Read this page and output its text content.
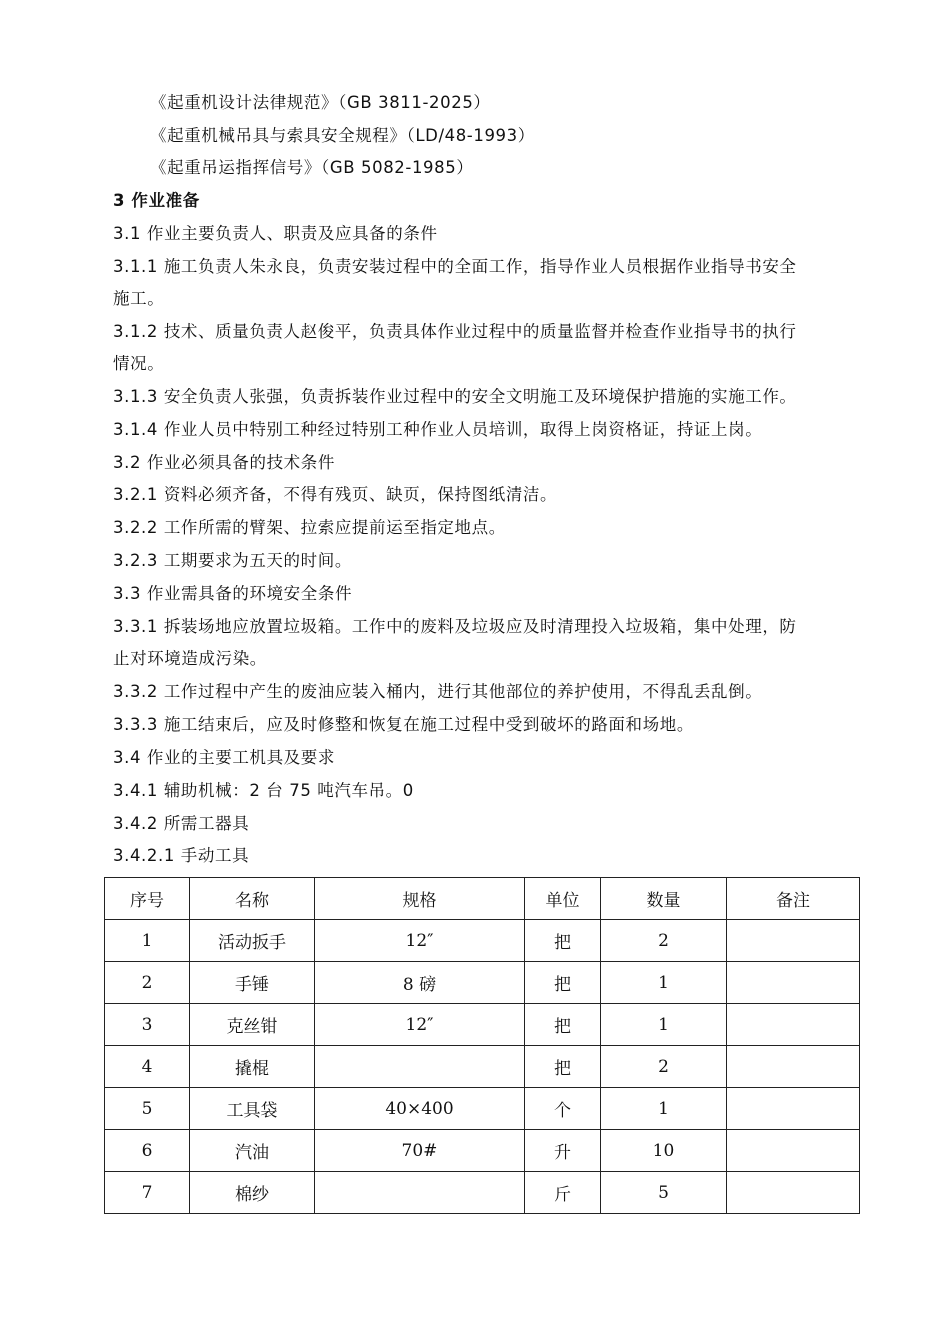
《起重机设计法律规范》（GB 3811-2025）
《起重机械吊具与索具安全规程》（LD/48-1993）
《起重吊运指挥信号》（GB 5082-1985）
3 作业准备
3.1 作业主要负责人、职责及应具备的条件
3.1.1 施工负责人朱永良，负责安装过程中的全面工作，指导作业人员根据作业指导书安全
施工。
3.1.2 技术、质量负责人赵俊平，负责具体作业过程中的质量监督并检查作业指导书的执行
情况。
3.1.3 安全负责人张强，负责拆装作业过程中的安全文明施工及环境保护措施的实施工作。
3.1.4 作业人员中特别工种经过特别工种作业人员培训，取得上岗资格证，持证上岗。
3.2 作业必须具备的技术条件
3.2.1 资料必须齐备，不得有残页、缺页，保持图纸清洁。
3.2.2 工作所需的臂架、拉索应提前运至指定地点。
3.2.3 工期要求为五天的时间。
3.3 作业需具备的环境安全条件
3.3.1 拆装场地应放置垃圾箱。工作中的废料及垃圾应及时清理投入垃圾箱，集中处理，防
止对环境造成污染。
3.3.2 工作过程中产生的废油应装入桶内，进行其他部位的养护使用，不得乱丢乱倒。
3.3.3 施工结束后，应及时修整和恢复在施工过程中受到破坏的路面和场地。
3.4 作业的主要工机具及要求
3.4.1 辅助机械：2 台 75 吨汽车吊。0
3.4.2 所需工器具
3.4.2.1 手动工具
序号	名称	规格	单位	数量	备注
1	活动扳手	12″	把	2	
2	手锤	8 磅	把	1	
3	克丝钳	12″	把	1	
4	撬棍		把	2	
5	工具袋	40×400	个	1	
6	汽油	70#	升	10	
7	棉纱		斤	5	
